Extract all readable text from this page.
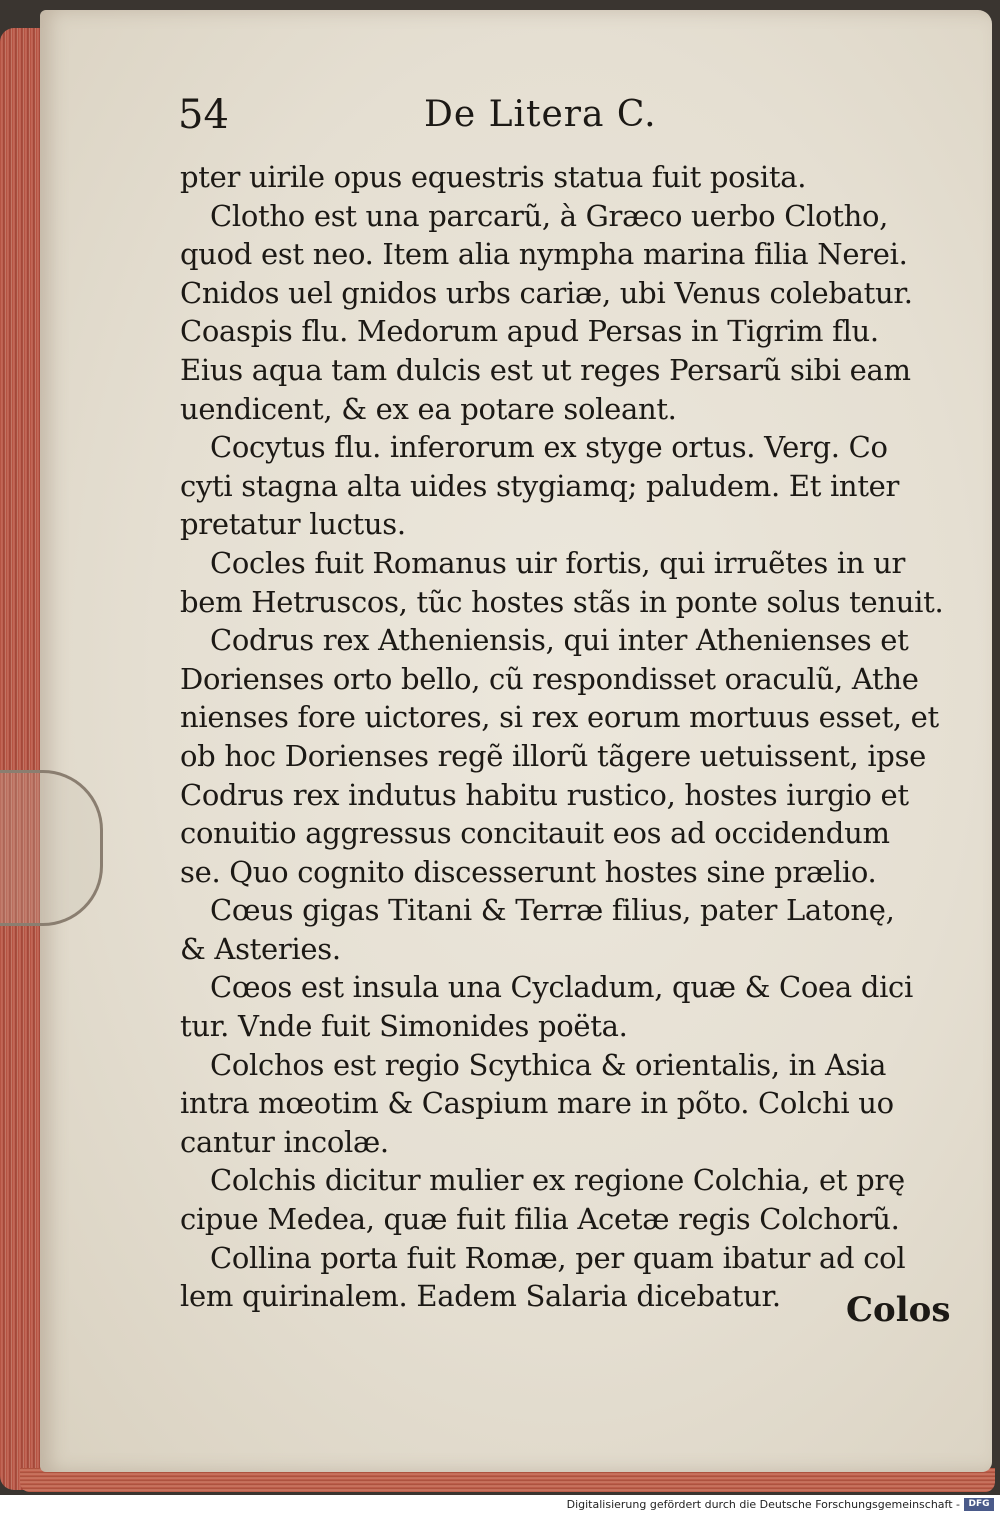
54	De Litera C.
pter uirile opus equestris statua fuit posita.
Clotho est una parcarũ, à Græco uerbo Clotho,
quod est neo. Item alia nympha marina filia Nerei.
Cnidos uel gnidos urbs cariæ, ubi Venus colebatur.
Coaspis flu. Medorum apud Persas in Tigrim flu.
Eius aqua tam dulcis est ut reges Persarũ sibi eam
uendicent, & ex ea potare soleant.
Cocytus flu. inferorum ex stygе ortus. Verg. Co
cyti stagna alta uides stygiamq; paludem. Et inter
pretatur luctus.
Cocles fuit Romanus uir fortis, qui irruẽtes in ur
bem Hetruscos, tũc hostes stãs in ponte solus tenuit.
Codrus rex Atheniensis, qui inter Athenienses et
Dorienses orto bello, cũ respondisset oraculũ, Athe
nienses fore uictores, si rex eorum mortuus esset, et
ob hoc Dorienses regẽ illorũ tãgere uetuissent, ipse
Codrus rex indutus habitu rustico, hostes iurgio et
conuitio aggressus concitauit eos ad occidendum
se. Quo cognito discesserunt hostes sine prælio.
Cœus gigas Titani & Terræ filius, pater Latonę,
& Asteries.
Cœos est insula una Cycladum, quæ & Coea dici
tur. Vnde fuit Simonides poëta.
Colchos est regio Scythica & orientalis, in Asia
intra mœotim & Caspium mare in põto. Colchi uo
cantur incolæ.
Colchis dicitur mulier ex regione Colchia, et prę
cipue Medea, quæ fuit filia Acetæ regis Colchorũ.
Collina porta fuit Romæ, per quam ibatur ad col
lem quirinalem. Eadem Salaria dicebatur.	Colos
Digitalisierung gefördert durch die Deutsche Forschungsgemeinschaft - DFG
